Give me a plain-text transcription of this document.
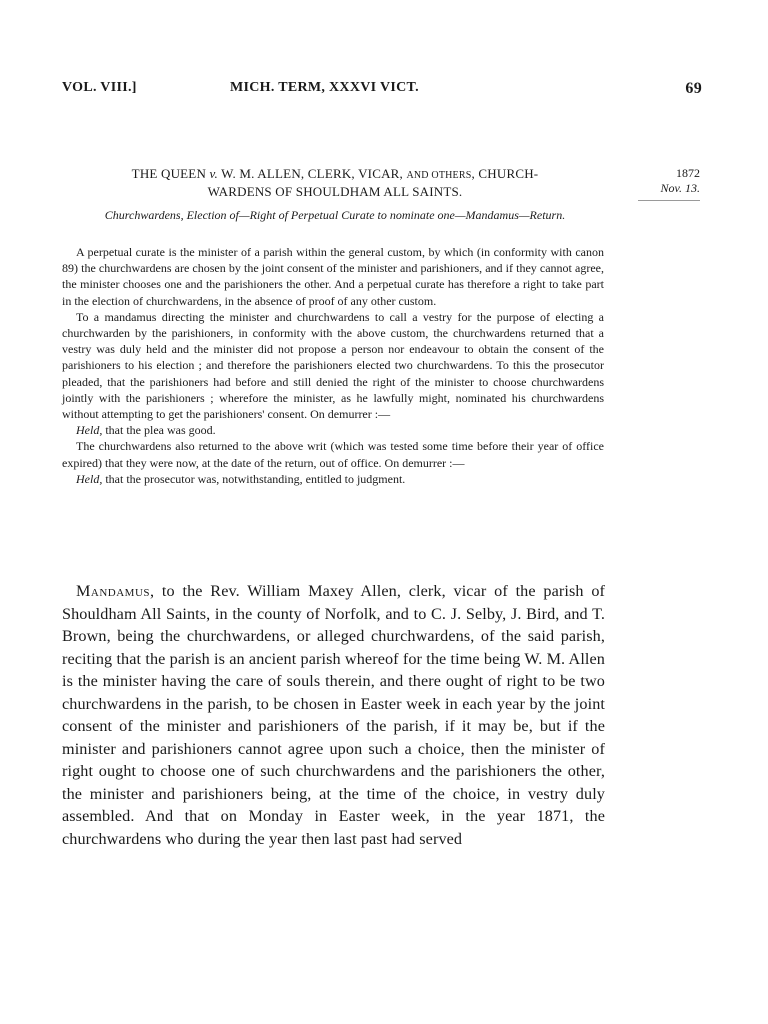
VOL. VIII.]	MICH. TERM, XXXVI VICT.	69
THE QUEEN v. W. M. ALLEN, CLERK, VICAR, AND OTHERS, CHURCH-
WARDENS OF SHOULDHAM ALL SAINTS.
1872

Nov. 13.
Churchwardens, Election of—Right of Perpetual Curate to nominate one—Mandamus—Return.

A perpetual curate is the minister of a parish within the general custom, by which (in conformity with canon 89) the churchwardens are chosen by the joint consent of the minister and parishioners, and if they cannot agree, the minister chooses one and the parishioners the other. And a perpetual curate has therefore a right to take part in the election of churchwardens, in the absence of proof of any other custom.

To a mandamus directing the minister and churchwardens to call a vestry for the purpose of electing a churchwarden by the parishioners, in conformity with the above custom, the churchwardens returned that a vestry was duly held and the minister did not propose a person nor endeavour to obtain the consent of the parishioners to his election ; and therefore the parishioners elected two churchwardens. To this the prosecutor pleaded, that the parishioners had before and still denied the right of the minister to choose churchwardens jointly with the parishioners ; wherefore the minister, as he lawfully might, nominated his churchwardens without attempting to get the parishioners' consent. On demurrer :—

Held, that the plea was good.

The churchwardens also returned to the above writ (which was tested some time before their year of office expired) that they were now, at the date of the return, out of office. On demurrer :—

Held, that the prosecutor was, notwithstanding, entitled to judgment.

Mandamus, to the Rev. William Maxey Allen, clerk, vicar of the parish of Shouldham All Saints, in the county of Norfolk, and to C. J. Selby, J. Bird, and T. Brown, being the churchwardens, or alleged churchwardens, of the said parish, reciting that the parish is an ancient parish whereof for the time being W. M. Allen is the minister having the care of souls therein, and there ought of right to be two churchwardens in the parish, to be chosen in Easter week in each year by the joint consent of the minister and parishioners of the parish, if it may be, but if the minister and parishioners cannot agree upon such a choice, then the minister of right ought to choose one of such churchwardens and the parishioners the other, the minister and parishioners being, at the time of the choice, in vestry duly assembled. And that on Monday in Easter week, in the year 1871, the churchwardens who during the year then last past had served
